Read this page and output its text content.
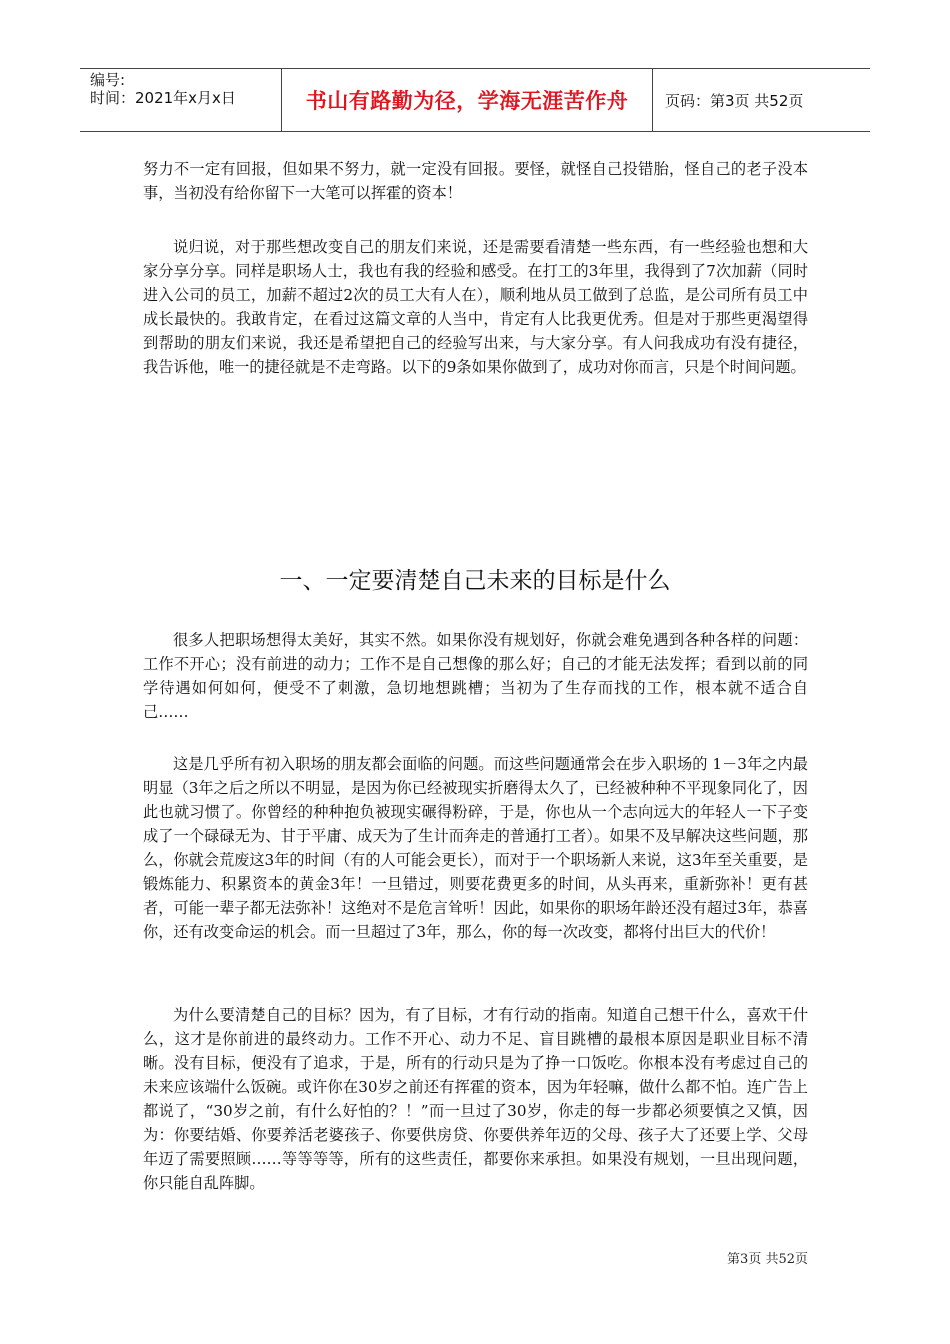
编号:
时间：2021年x月x日	书山有路勤为径，学海无涯苦作舟 页码：第3页 共52页

努力不一定有回报，但如果不努力，就一定没有回报。要怪，就怪自己投错胎，怪自己的老子没本事，当初没有给你留下一大笔可以挥霍的资本！

说归说，对于那些想改变自己的朋友们来说，还是需要看清楚一些东西，有一些经验也想和大家分享分享。同样是职场人士，我也有我的经验和感受。在打工的3年里，我得到了7次加薪（同时进入公司的员工，加薪不超过2次的员工大有人在），顺利地从员工做到了总监，是公司所有员工中成长最快的。我敢肯定，在看过这篇文章的人当中，肯定有人比我更优秀。但是对于那些更渴望得到帮助的朋友们来说，我还是希望把自己的经验写出来，与大家分享。有人问我成功有没有捷径，我告诉他，唯一的捷径就是不走弯路。以下的9条如果你做到了，成功对你而言，只是个时间问题。

一、一定要清楚自己未来的目标是什么

很多人把职场想得太美好，其实不然。如果你没有规划好，你就会难免遇到各种各样的问题：工作不开心；没有前进的动力；工作不是自己想像的那么好；自己的才能无法发挥；看到以前的同学待遇如何如何，便受不了刺激，急切地想跳槽；当初为了生存而找的工作，根本就不适合自己……

这是几乎所有初入职场的朋友都会面临的问题。而这些问题通常会在步入职场的 1－3年之内最明显（3年之后之所以不明显，是因为你已经被现实折磨得太久了，已经被种种不平现象同化了，因此也就习惯了。你曾经的种种抱负被现实碾得粉碎，于是，你也从一个志向远大的年轻人一下子变成了一个碌碌无为、甘于平庸、成天为了生计而奔走的普通打工者）。如果不及早解决这些问题，那么，你就会荒废这3年的时间（有的人可能会更长），而对于一个职场新人来说，这3年至关重要，是锻炼能力、积累资本的黄金3年！一旦错过，则要花费更多的时间，从头再来，重新弥补！更有甚者，可能一辈子都无法弥补！这绝对不是危言耸听！因此，如果你的职场年龄还没有超过3年，恭喜你，还有改变命运的机会。而一旦超过了3年，那么，你的每一次改变，都将付出巨大的代价！

为什么要清楚自己的目标？因为，有了目标，才有行动的指南。知道自己想干什么，喜欢干什么，这才是你前进的最终动力。工作不开心、动力不足、盲目跳槽的最根本原因是职业目标不清晰。没有目标，便没有了追求，于是，所有的行动只是为了挣一口饭吃。你根本没有考虑过自己的未来应该端什么饭碗。或许你在30岁之前还有挥霍的资本，因为年轻嘛，做什么都不怕。连广告上都说了，“30岁之前，有什么好怕的？！”而一旦过了30岁，你走的每一步都必须要慎之又慎，因为：你要结婚、你要养活老婆孩子、你要供房贷、你要供养年迈的父母、孩子大了还要上学、父母年迈了需要照顾……等等等等，所有的这些责任，都要你来承担。如果没有规划，一旦出现问题，你只能自乱阵脚。

第3页 共52页
